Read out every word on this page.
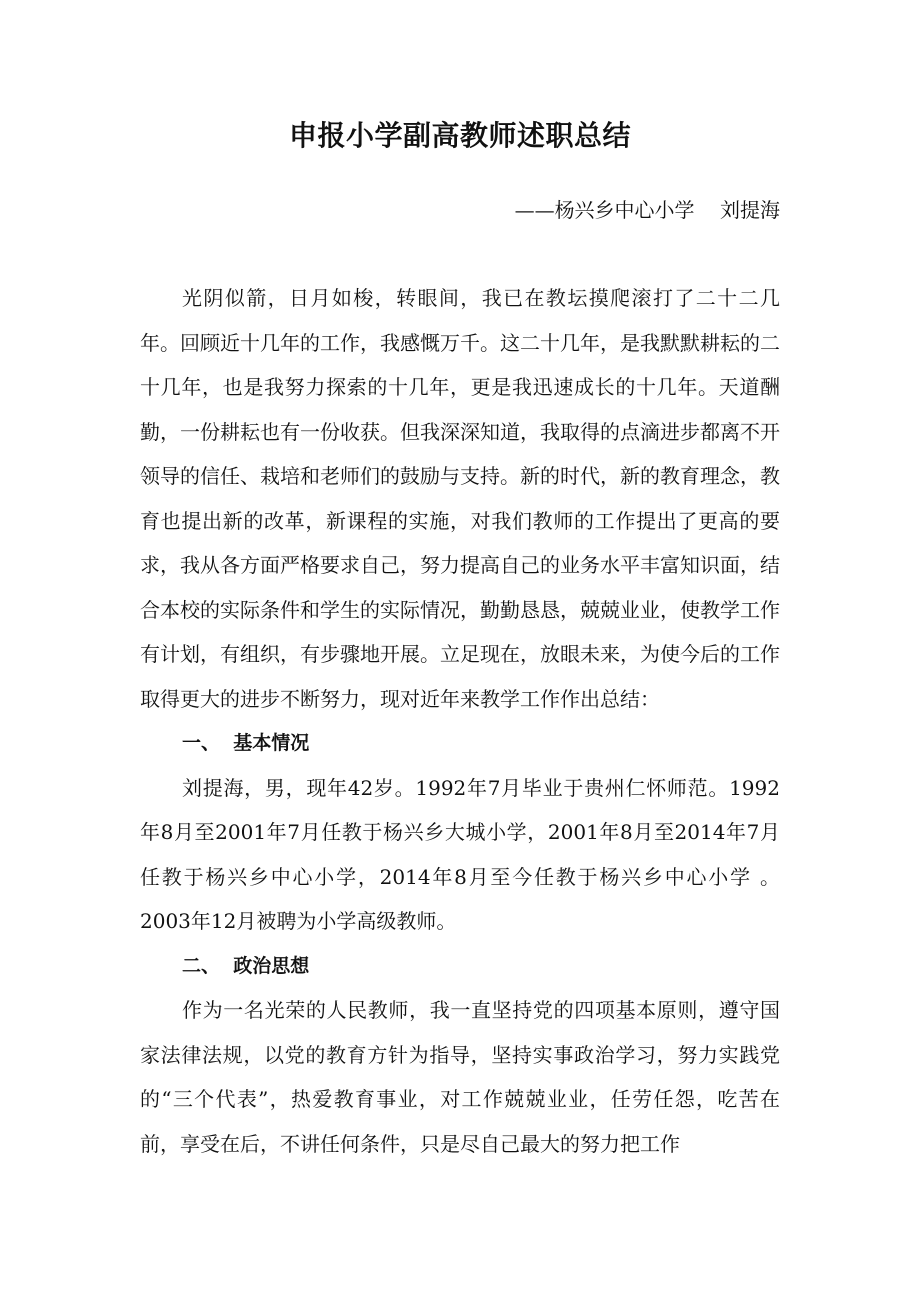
申报小学副高教师述职总结

——杨兴乡中心小学    刘提海

光阴似箭，日月如梭，转眼间，我已在教坛摸爬滚打了二十二几年。回顾近十几年的工作，我感慨万千。这二十几年，是我默默耕耘的二十几年，也是我努力探索的十几年，更是我迅速成长的十几年。天道酬勤，一份耕耘也有一份收获。但我深深知道，我取得的点滴进步都离不开领导的信任、栽培和老师们的鼓励与支持。新的时代，新的教育理念，教育也提出新的改革，新课程的实施，对我们教师的工作提出了更高的要求，我从各方面严格要求自己，努力提高自己的业务水平丰富知识面，结合本校的实际条件和学生的实际情况，勤勤恳恳，兢兢业业，使教学工作有计划，有组织，有步骤地开展。立足现在，放眼未来，为使今后的工作取得更大的进步不断努力，现对近年来教学工作作出总结：

一、  基本情况

刘提海，男，现年42岁。1992年7月毕业于贵州仁怀师范。1992年8月至2001年7月任教于杨兴乡大城小学，2001年8月至2014年7月任教于杨兴乡中心小学，2014年8月至今任教于杨兴乡中心小学 。2003年12月被聘为小学高级教师。

二、  政治思想

作为一名光荣的人民教师，我一直坚持党的四项基本原则，遵守国家法律法规，以党的教育方针为指导，坚持实事政治学习，努力实践党的“三个代表”，热爱教育事业，对工作兢兢业业，任劳任怨，吃苦在前，享受在后，不讲任何条件，只是尽自己最大的努力把工作
